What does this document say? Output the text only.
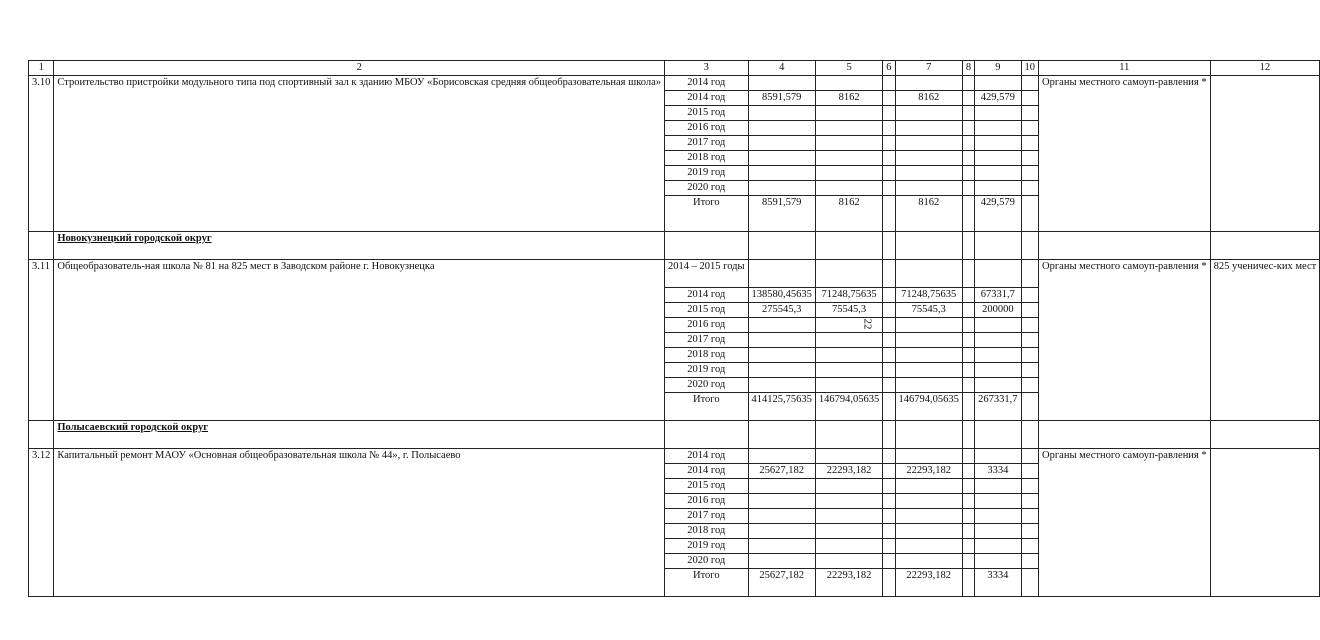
1	2	3	4	5	6	7	8	9	10	11	12
3.10	Строительство пристройки модульного типа под спортивный зал к зданию МБОУ «Борисовская средняя общеобразовательная школа»	2014 год								Органы местного самоуп-равления *	
		2014 год	8591,579	8162		8162		429,579			
		2015 год									
		2016 год									
		2017 год									
		2018 год									
		2019 год									
		2020 год									
		Итого	8591,579	8162		8162		429,579			
	Новокузнецкий городской округ										
3.11	Общеобразователь-ная школа № 81 на 825 мест в Заводском районе г. Новокузнецка	2014 – 2015 годы								Органы местного самоуп-равления *	825 ученичес-ких мест
		2014 год	138580,45635	71248,75635		71248,75635		67331,7			
		2015 год	275545,3	75545,3		75545,3		200000			
		2016 год									
		2017 год									
		2018 год									
		2019 год									
		2020 год									
		Итого	414125,75635	146794,05635		146794,05635		267331,7			
	Полысаевский городской округ										
3.12	Капитальный ремонт МАОУ «Основная общеобразовательная школа № 44», г. Полысаево	2014 год								Органы местного самоуп-равления *	
		2014 год	25627,182	22293,182		22293,182		3334			
		2015 год									
		2016 год									
		2017 год									
		2018 год									
		2019 год									
		2020 год									
		Итого	25627,182	22293,182		22293,182		3334			
22
